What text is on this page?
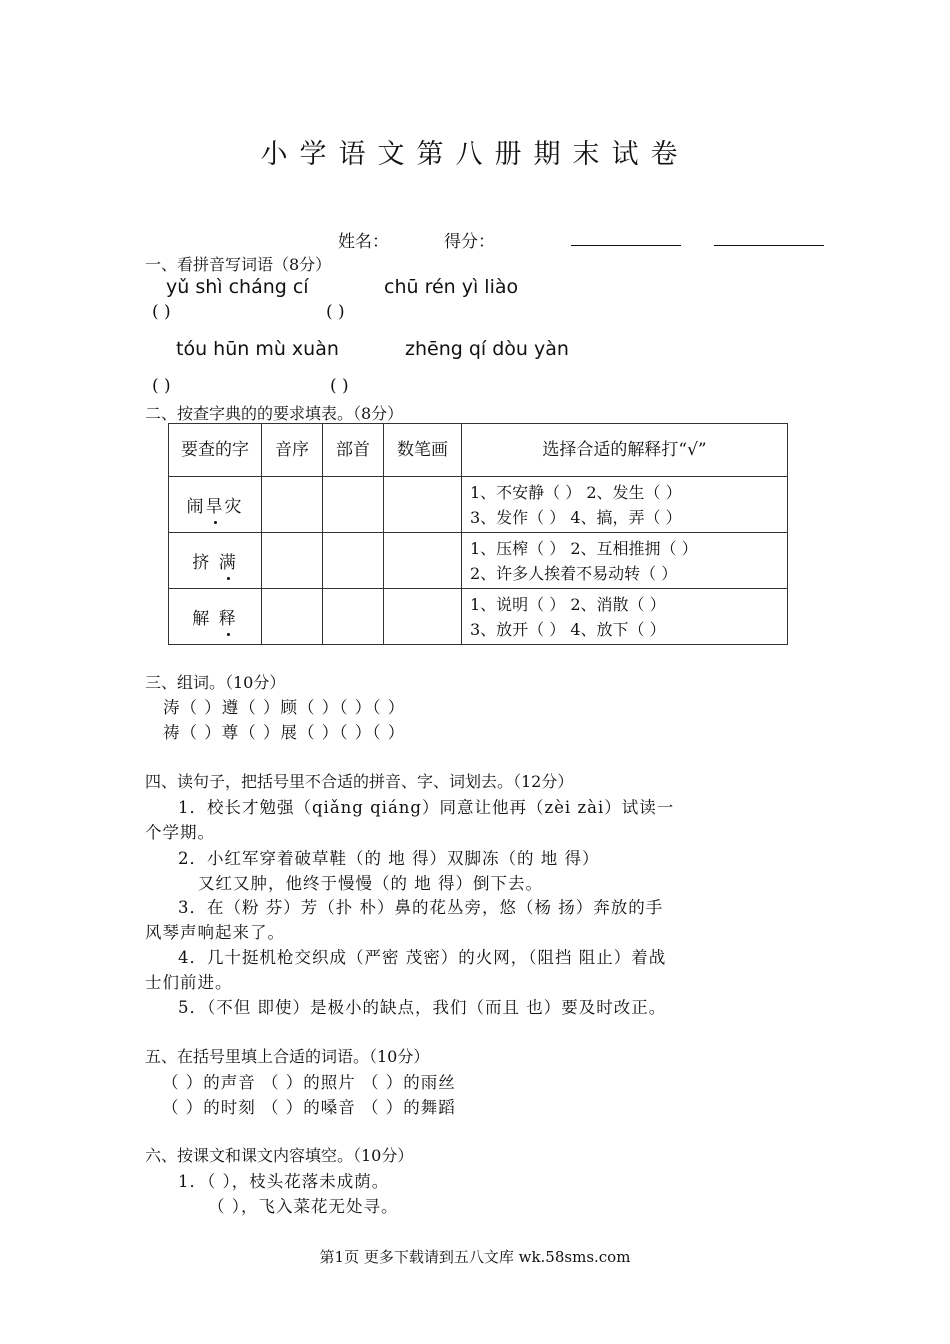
小学语文第八册期末试卷
姓名：	得分：
一、看拼音写词语（8分）
yǔ shì cháng cí	chū rén yì liào
( )	( )
tóu hūn mù xuàn	zhēng qí dòu yàn
( )	( )
二、按查字典的的要求填表。（8分）
要查的字	音序	部首	数笔画	选择合适的解释打“√”
闹旱灾				1、不安静（ ） 2、发生（ ）
3、发作（ ） 4、搞，弄（ ）

挤 满				1、压榨（ ） 2、互相推拥（ ）
2、许多人挨着不易动转（ ）

解 释				1、说明（ ） 2、消散（ ）
3、放开（ ） 4、放下（ ）
三、组词。（10分）
涛（ ）遵（ ）顾（ ）（ ）（ ）
祷（ ）尊（ ）展（ ）（ ）（ ）
四、读句子，把括号里不合适的拼音、字、词划去。（12分）
1．校长才勉强（qiǎng qiáng）同意让他再（zèi zài）试读一
个学期。
2．小红军穿着破草鞋（的 地 得）双脚冻（的 地 得）
又红又肿，他终于慢慢（的 地 得）倒下去。
3．在（粉 芬）芳（扑 朴）鼻的花丛旁，悠（杨 扬）奔放的手
风琴声响起来了。
4．几十挺机枪交织成（严密 茂密）的火网，（阻挡 阻止）着战
士们前进。
5．（不但 即使）是极小的缺点，我们（而且 也）要及时改正。
五、在括号里填上合适的词语。（10分）
（ ）的声音 （ ）的照片 （ ）的雨丝
（ ）的时刻 （ ）的嗓音 （ ）的舞蹈
六、按课文和课文内容填空。（10分）
1．（ ），枝头花落未成荫。
（ ），飞入菜花无处寻。
第1页 更多下载请到五八文库 wk.58sms.com
